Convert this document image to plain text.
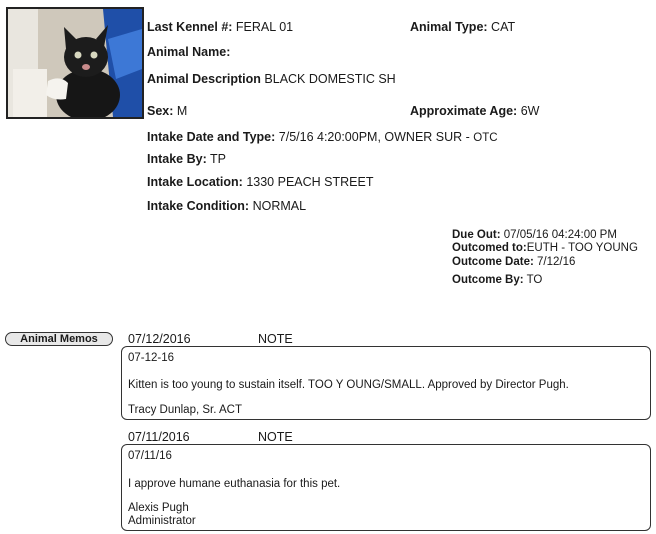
Last Kennel #: FERAL 01	Animal Type: CAT
Animal Name:
Animal Description BLACK DOMESTIC SH
Sex: M	Approximate Age: 6W
Intake Date and Type: 7/5/16 4:20:00PM, OWNER SUR - OTC
Intake By: TP
Intake Location: 1330 PEACH STREET
Intake Condition: NORMAL
Due Out: 07/05/16 04:24:00 PM
Outcomed to:EUTH - TOO YOUNG
Outcome Date: 7/12/16
Outcome By: TO
Animal Memos	07/12/2016	NOTE
07-12-16
Kitten is too young to sustain itself. TOO Y OUNG/SMALL. Approved by Director Pugh.
Tracy Dunlap, Sr. ACT
07/11/2016	NOTE
07/11/16
I approve humane euthanasia for this pet.
Alexis Pugh
Administrator
